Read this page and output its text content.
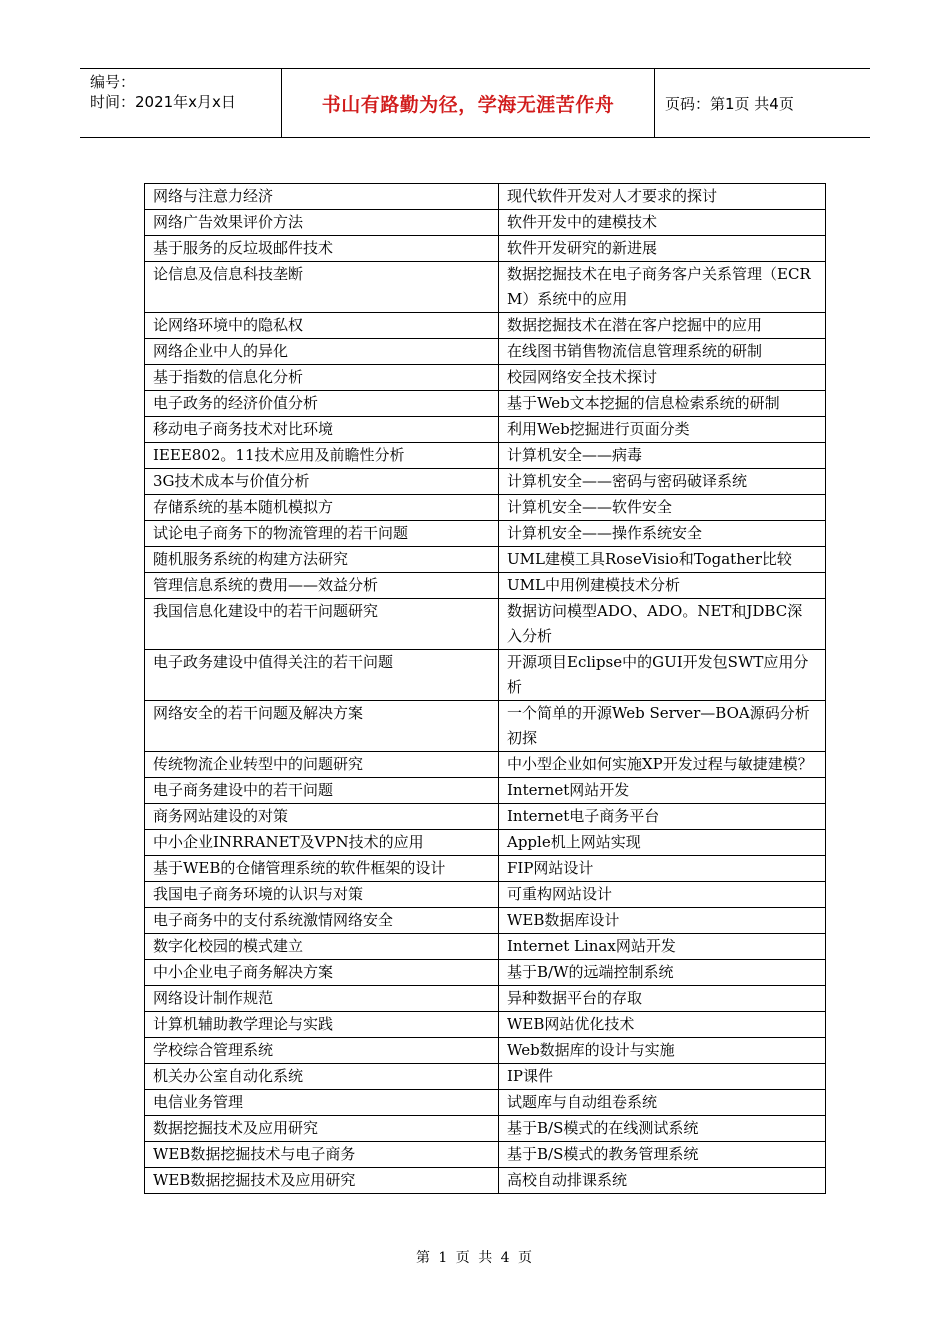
编号：
时间：2021年x月x日	书山有路勤为径，学海无涯苦作舟	页码：第1页 共4页
网络与注意力经济	现代软件开发对人才要求的探讨
网络广告效果评价方法	软件开发中的建模技术
基于服务的反垃圾邮件技术	软件开发研究的新进展
论信息及信息科技垄断	数据挖掘技术在电子商务客户关系管理（ECRM）系统中的应用
论网络环境中的隐私权	数据挖掘技术在潜在客户挖掘中的应用
网络企业中人的异化	在线图书销售物流信息管理系统的研制
基于指数的信息化分析	校园网络安全技术探讨
电子政务的经济价值分析	基于Web文本挖掘的信息检索系统的研制
移动电子商务技术对比环境	利用Web挖掘进行页面分类
IEEE802。11技术应用及前瞻性分析	计算机安全——病毒
3G技术成本与价值分析	计算机安全——密码与密码破译系统
存储系统的基本随机模拟方	计算机安全——软件安全
试论电子商务下的物流管理的若干问题	计算机安全——操作系统安全
随机服务系统的构建方法研究	UML建模工具RoseVisio和Togather比较
管理信息系统的费用——效益分析	UML中用例建模技术分析
我国信息化建设中的若干问题研究	数据访问模型ADO、ADO。NET和JDBC深入分析
电子政务建设中值得关注的若干问题	开源项目Eclipse中的GUI开发包SWT应用分析
网络安全的若干问题及解决方案	一个简单的开源Web Server—BOA源码分析初探
传统物流企业转型中的问题研究	中小型企业如何实施XP开发过程与敏捷建模？
电子商务建设中的若干问题	Internet网站开发
商务网站建设的对策	Internet电子商务平台
中小企业INRRANET及VPN技术的应用	Apple机上网站实现
基于WEB的仓储管理系统的软件框架的设计	FIP网站设计
我国电子商务环境的认识与对策	可重构网站设计
电子商务中的支付系统激情网络安全	WEB数据库设计
数字化校园的模式建立	Internet Linax网站开发
中小企业电子商务解决方案	基于B/W的远端控制系统
网络设计制作规范	异种数据平台的存取
计算机辅助教学理论与实践	WEB网站优化技术
学校综合管理系统	Web数据库的设计与实施
机关办公室自动化系统	IP课件
电信业务管理	试题库与自动组卷系统
数据挖掘技术及应用研究	基于B/S模式的在线测试系统
WEB数据挖掘技术与电子商务	基于B/S模式的教务管理系统
WEB数据挖掘技术及应用研究	高校自动排课系统
第 1 页 共 4 页
